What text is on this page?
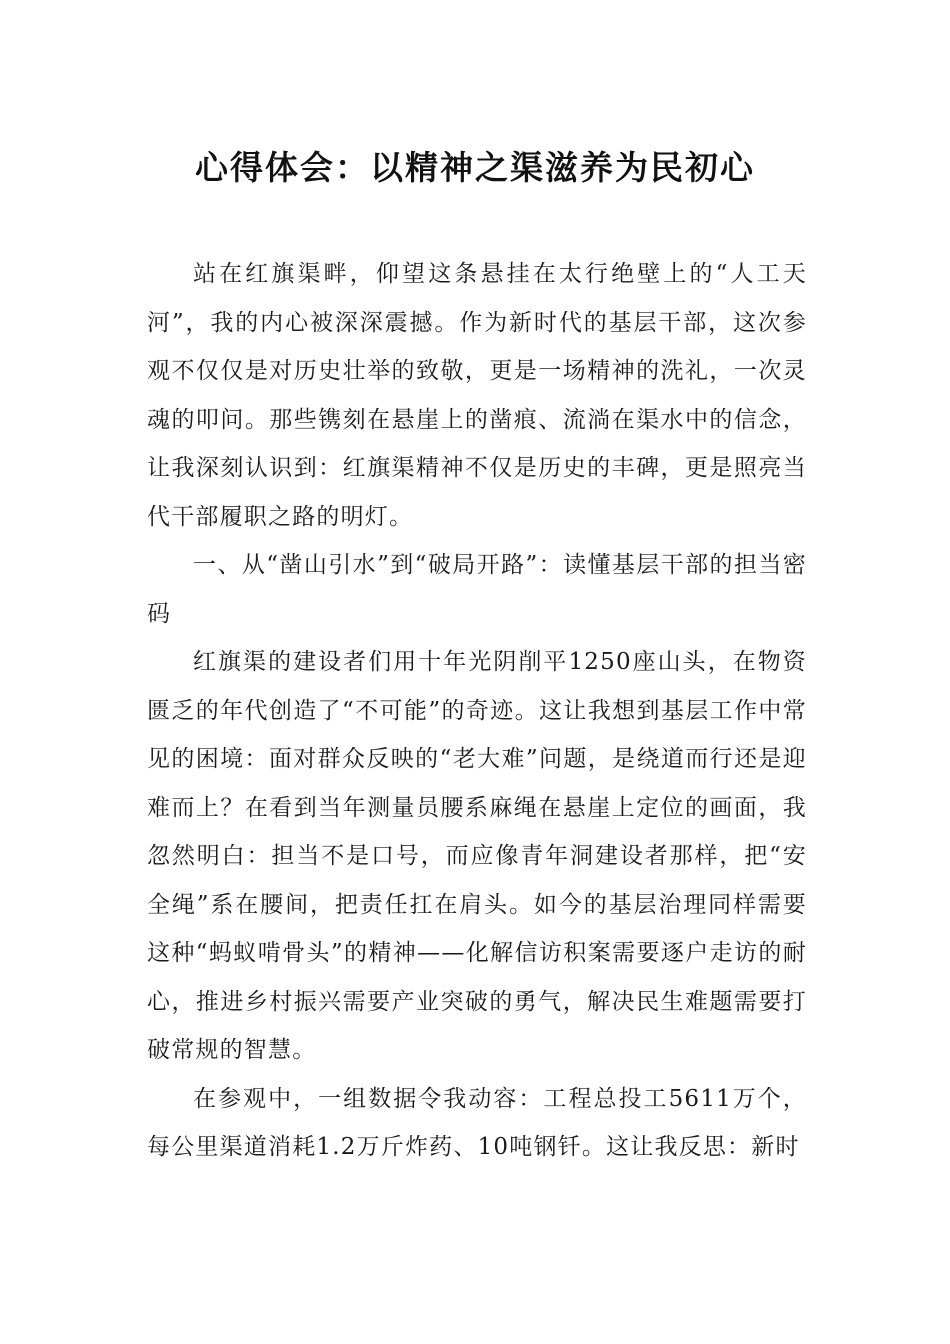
心得体会：以精神之渠滋养为民初心

站在红旗渠畔，仰望这条悬挂在太行绝壁上的“人工天河”，我的内心被深深震撼。作为新时代的基层干部，这次参观不仅仅是对历史壮举的致敬，更是一场精神的洗礼，一次灵魂的叩问。那些镌刻在悬崖上的凿痕、流淌在渠水中的信念，让我深刻认识到：红旗渠精神不仅是历史的丰碑，更是照亮当代干部履职之路的明灯。

一、从“凿山引水”到“破局开路”：读懂基层干部的担当密码

红旗渠的建设者们用十年光阴削平1250座山头，在物资匮乏的年代创造了“不可能”的奇迹。这让我想到基层工作中常见的困境：面对群众反映的“老大难”问题，是绕道而行还是迎难而上？在看到当年测量员腰系麻绳在悬崖上定位的画面，我忽然明白：担当不是口号，而应像青年洞建设者那样，把“安全绳”系在腰间，把责任扛在肩头。如今的基层治理同样需要这种“蚂蚁啃骨头”的精神——化解信访积案需要逐户走访的耐心，推进乡村振兴需要产业突破的勇气，解决民生难题需要打破常规的智慧。

在参观中，一组数据令我动容：工程总投工5611万个，每公里渠道消耗1.2万斤炸药、10吨钢钎。这让我反思：新时
